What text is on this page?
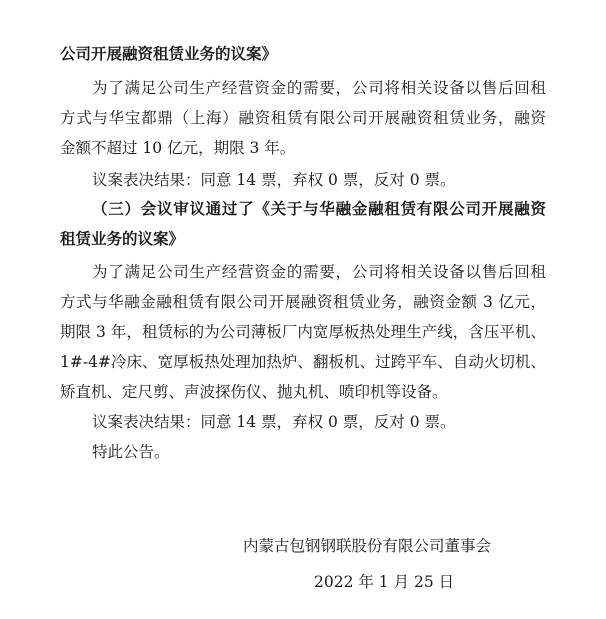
公司开展融资租赁业务的议案》
为了满足公司生产经营资金的需要，公司将相关设备以售后回租
方式与华宝都鼎（上海）融资租赁有限公司开展融资租赁业务，融资
金额不超过 10 亿元，期限 3 年。
议案表决结果：同意 14 票，弃权 0 票，反对 0 票。
（三）会议审议通过了《关于与华融金融租赁有限公司开展融资
租赁业务的议案》
为了满足公司生产经营资金的需要，公司将相关设备以售后回租
方式与华融金融租赁有限公司开展融资租赁业务，融资金额 3 亿元，
期限 3 年，租赁标的为公司薄板厂内宽厚板热处理生产线，含压平机、
1#-4#冷床、宽厚板热处理加热炉、翻板机、过跨平车、自动火切机、
矫直机、定尺剪、声波探伤仪、抛丸机、喷印机等设备。
议案表决结果：同意 14 票，弃权 0 票，反对 0 票。
特此公告。
内蒙古包钢钢联股份有限公司董事会
2022 年 1 月 25 日
